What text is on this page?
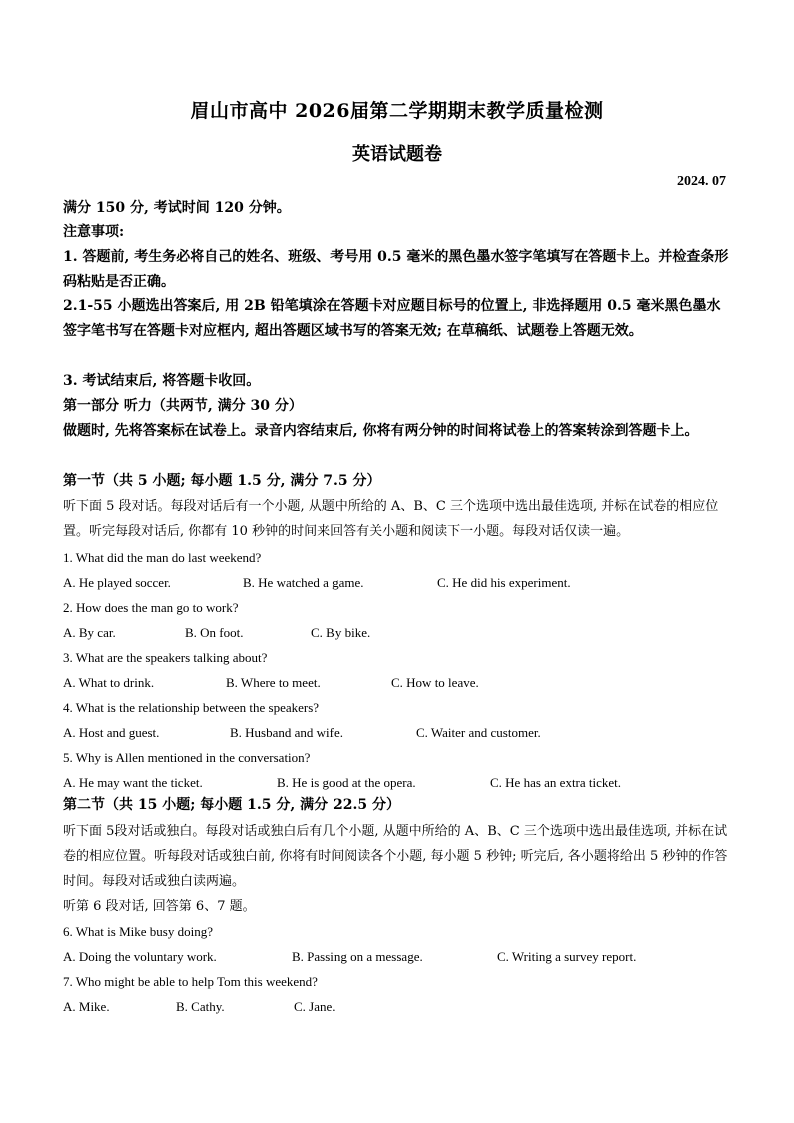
眉山市高中 2026届第二学期期末教学质量检测
英语试题卷
2024. 07
满分 150 分, 考试时间 120 分钟。
注意事项:
1. 答题前, 考生务必将自己的姓名、班级、考号用 0.5 毫米的黑色墨水签字笔填写在答题卡上。并检查条形码粘贴是否正确。
2.1-55 小题选出答案后, 用 2B 铅笔填涂在答题卡对应题目标号的位置上, 非选择题用 0.5 毫米黑色墨水签字笔书写在答题卡对应框内, 超出答题区域书写的答案无效; 在草稿纸、试题卷上答题无效。
3. 考试结束后, 将答题卡收回。
第一部分 听力（共两节, 满分 30 分）
做题时, 先将答案标在试卷上。录音内容结束后, 你将有两分钟的时间将试卷上的答案转涂到答题卡上。
第一节（共 5 小题; 每小题 1.5 分, 满分 7.5 分）
听下面 5 段对话。每段对话后有一个小题, 从题中所给的 A、B、C 三个选项中选出最佳选项, 并标在试卷的相应位置。听完每段对话后, 你都有 10 秒钟的时间来回答有关小题和阅读下一小题。每段对话仅读一遍。
1. What did the man do last weekend?
A. He played soccer.	B. He watched a game.	C. He did his experiment.
2. How does the man go to work?
A. By car.	B. On foot.	C. By bike.
3. What are the speakers talking about?
A. What to drink.	B. Where to meet.	C. How to leave.
4. What is the relationship between the speakers?
A. Host and guest.	B. Husband and wife.	C. Waiter and customer.
5. Why is Allen mentioned in the conversation?
A. He may want the ticket.	B. He is good at the opera.	C. He has an extra ticket.
第二节（共 15 小题; 每小题 1.5 分, 满分 22.5 分）
听下面 5段对话或独白。每段对话或独白后有几个小题, 从题中所给的 A、B、C 三个选项中选出最佳选项, 并标在试卷的相应位置。听每段对话或独白前, 你将有时间阅读各个小题, 每小题 5 秒钟; 听完后, 各小题将给出 5 秒钟的作答时间。每段对话或独白读两遍。
听第 6 段对话, 回答第 6、7 题。
6. What is Mike busy doing?
A. Doing the voluntary work.	B. Passing on a message.	C. Writing a survey report.
7. Who might be able to help Tom this weekend?
A. Mike.	B. Cathy.	C. Jane.
